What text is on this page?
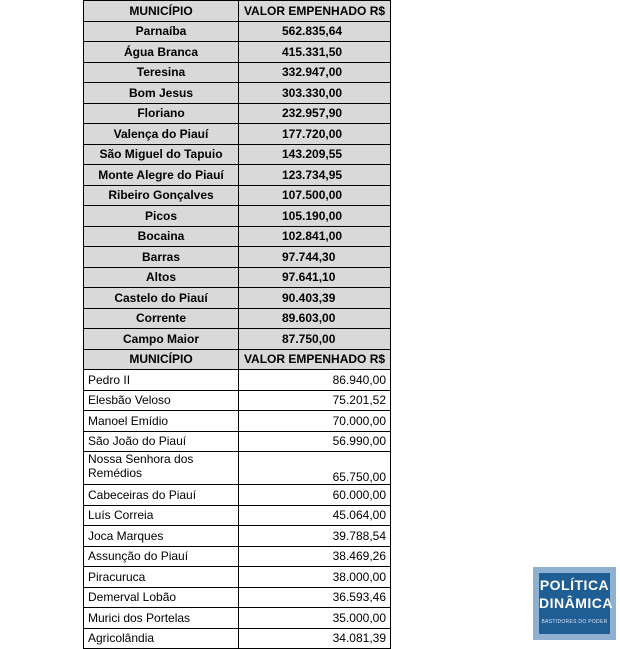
MUNICÍPIO	VALOR EMPENHADO R$
Parnaíba	562.835,64
Água Branca	415.331,50
Teresina	332.947,00
Bom Jesus	303.330,00
Floriano	232.957,90
Valença do Piauí	177.720,00
São Miguel do Tapuio	143.209,55
Monte Alegre do Piauí	123.734,95
Ribeiro Gonçalves	107.500,00
Picos	105.190,00
Bocaina	102.841,00
Barras	97.744,30
Altos	97.641,10
Castelo do Piauí	90.403,39
Corrente	89.603,00
Campo Maior	87.750,00
MUNICÍPIO	VALOR EMPENHADO R$
Pedro II	86.940,00
Elesbão Veloso	75.201,52
Manoel Emídio	70.000,00
São João do Piauí	56.990,00
Nossa Senhora dos Remédios	65.750,00
Cabeceiras do Piauí	60.000,00
Luís Correia	45.064,00
Joca Marques	39.788,54
Assunção do Piauí	38.469,26
Piracuruca	38.000,00
Demerval Lobão	36.593,46
Murici dos Portelas	35.000,00
Agricolândia	34.081,39
POLÍTICA
DINÂMICA
BASTIDORES DO PODER
